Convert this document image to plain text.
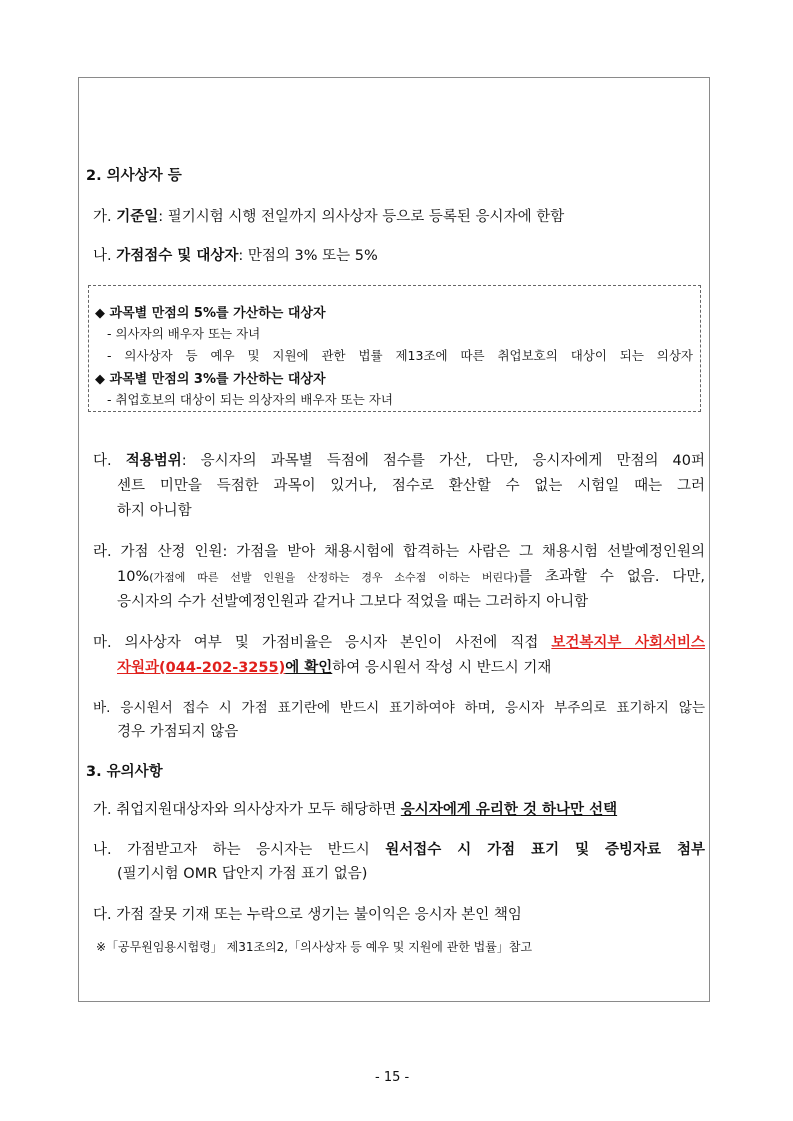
2. 의사상자 등
가. 기준일: 필기시험 시행 전일까지 의사상자 등으로 등록된 응시자에 한함
나. 가점점수 및 대상자: 만점의 3% 또는 5%
◆ 과목별 만점의 5%를 가산하는 대상자
- 의사자의 배우자 또는 자녀
- 의사상자 등 예우 및 지원에 관한 법률 제13조에 따른 취업보호의 대상이 되는 의상자
◆ 과목별 만점의 3%를 가산하는 대상자
- 취업호보의 대상이 되는 의상자의 배우자 또는 자녀
다. 적용범위: 응시자의 과목별 득점에 점수를 가산, 다만, 응시자에게 만점의 40퍼
센트 미만을 득점한 과목이 있거나, 점수로 환산할 수 없는 시험일 때는 그러
하지 아니함
라. 가점 산정 인원: 가점을 받아 채용시험에 합격하는 사람은 그 채용시험 선발예정인원의
10%(가점에 따른 선발 인원을 산정하는 경우 소수점 이하는 버린다)를 초과할 수 없음. 다만,
응시자의 수가 선발예정인원과 같거나 그보다 적었을 때는 그러하지 아니함
마. 의사상자 여부 및 가점비율은 응시자 본인이 사전에 직접 보건복지부 사회서비스
자원과(044-202-3255)에 확인하여 응시원서 작성 시 반드시 기재
바. 응시원서 접수 시 가점 표기란에 반드시 표기하여야 하며, 응시자 부주의로 표기하지 않는
경우 가점되지 않음
3. 유의사항
가. 취업지원대상자와 의사상자가 모두 해당하면 응시자에게 유리한 것 하나만 선택
나. 가점받고자 하는 응시자는 반드시 원서접수 시 가점 표기 및 증빙자료 첨부
(필기시험 OMR 답안지 가점 표기 없음)
다. 가점 잘못 기재 또는 누락으로 생기는 불이익은 응시자 본인 책임
※「공무원임용시험령」 제31조의2,「의사상자 등 예우 및 지원에 관한 법률」참고
- 15 -
